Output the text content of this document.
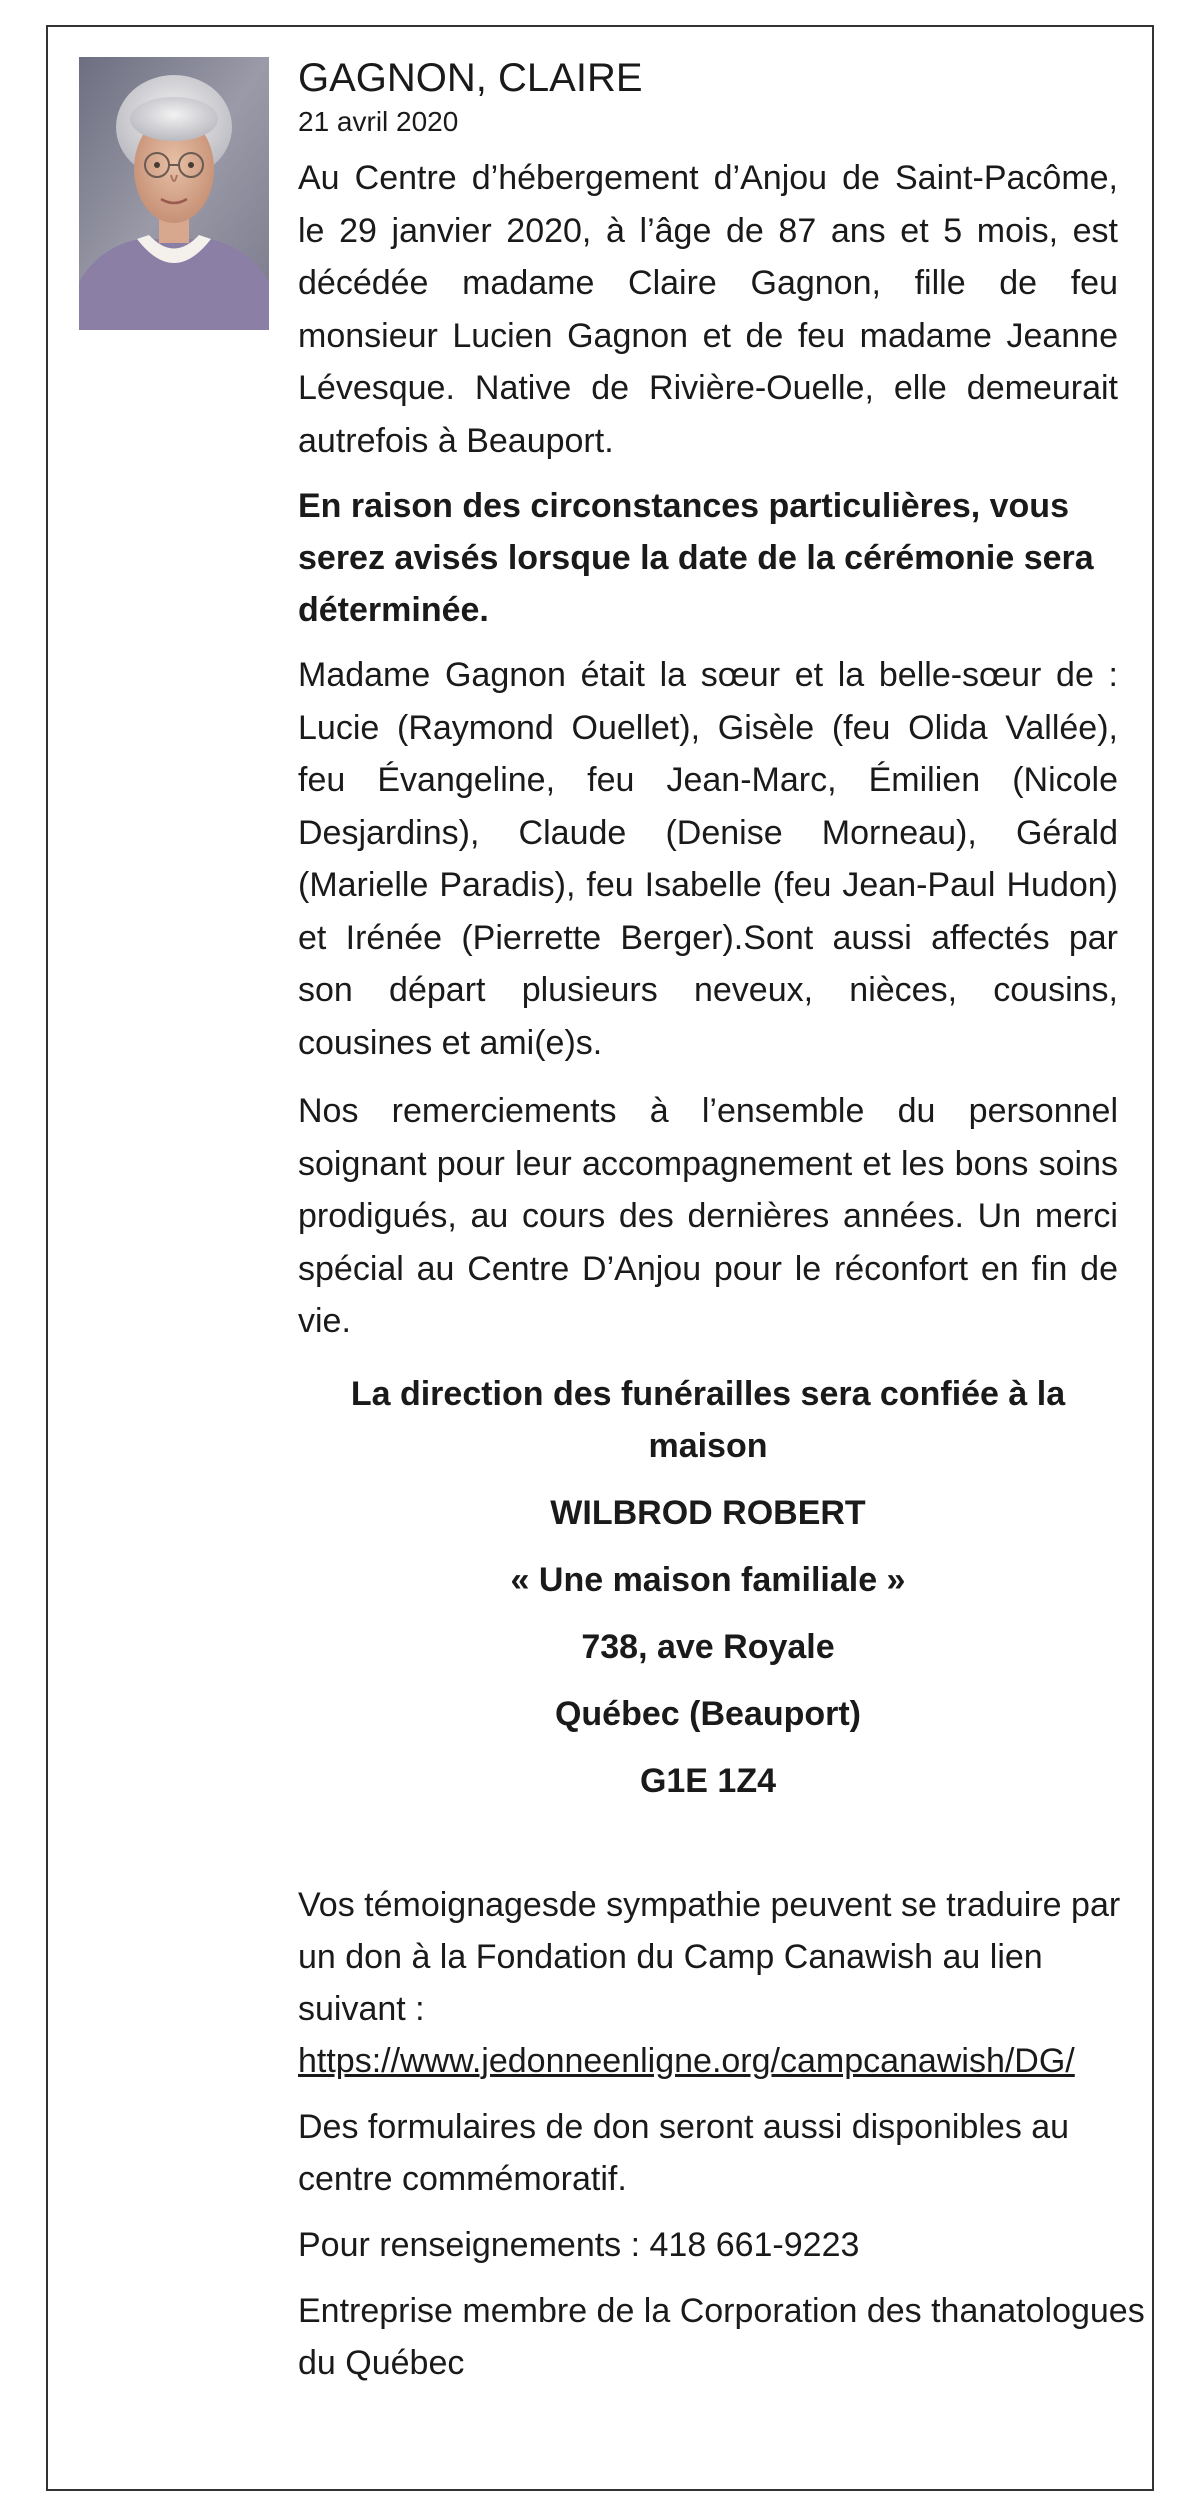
GAGNON, CLAIRE

21 avril 2020

Au Centre d’hébergement d’Anjou de Saint-Pacôme, le 29 janvier 2020, à l’âge de 87 ans et 5 mois, est décédée madame Claire Gagnon, fille de feu monsieur Lucien Gagnon et de feu madame Jeanne Lévesque. Native de Rivière-Ouelle, elle demeurait autrefois à Beauport.

En raison des circonstances particulières, vous serez avisés lorsque la date de la cérémonie sera déterminée.

Madame Gagnon était la sœur et la belle-sœur de : Lucie (Raymond Ouellet), Gisèle (feu Olida Vallée), feu Évangeline, feu Jean-Marc, Émilien (Nicole Desjardins), Claude (Denise Morneau), Gérald (Marielle Paradis), feu Isabelle (feu Jean-Paul Hudon) et Irénée (Pierrette Berger).Sont aussi affectés par son départ plusieurs neveux, nièces, cousins, cousines et ami(e)s.

Nos remerciements à l’ensemble du personnel soignant pour leur accompagnement et les bons soins prodigués, au cours des dernières années. Un merci spécial au Centre D’Anjou pour le réconfort en fin de vie.

La direction des funérailles sera confiée à la maison

WILBROD ROBERT

« Une maison familiale »

738, ave Royale

Québec (Beauport)

G1E 1Z4

Vos témoignagesde sympathie peuvent se traduire par un don à la Fondation du Camp Canawish au lien suivant :
https://www.jedonneenligne.org/campcanawish/DG/

Des formulaires de don seront aussi disponibles au centre commémoratif.

Pour renseignements : 418 661-9223

Entreprise membre de la Corporation des thanatologues du Québec
